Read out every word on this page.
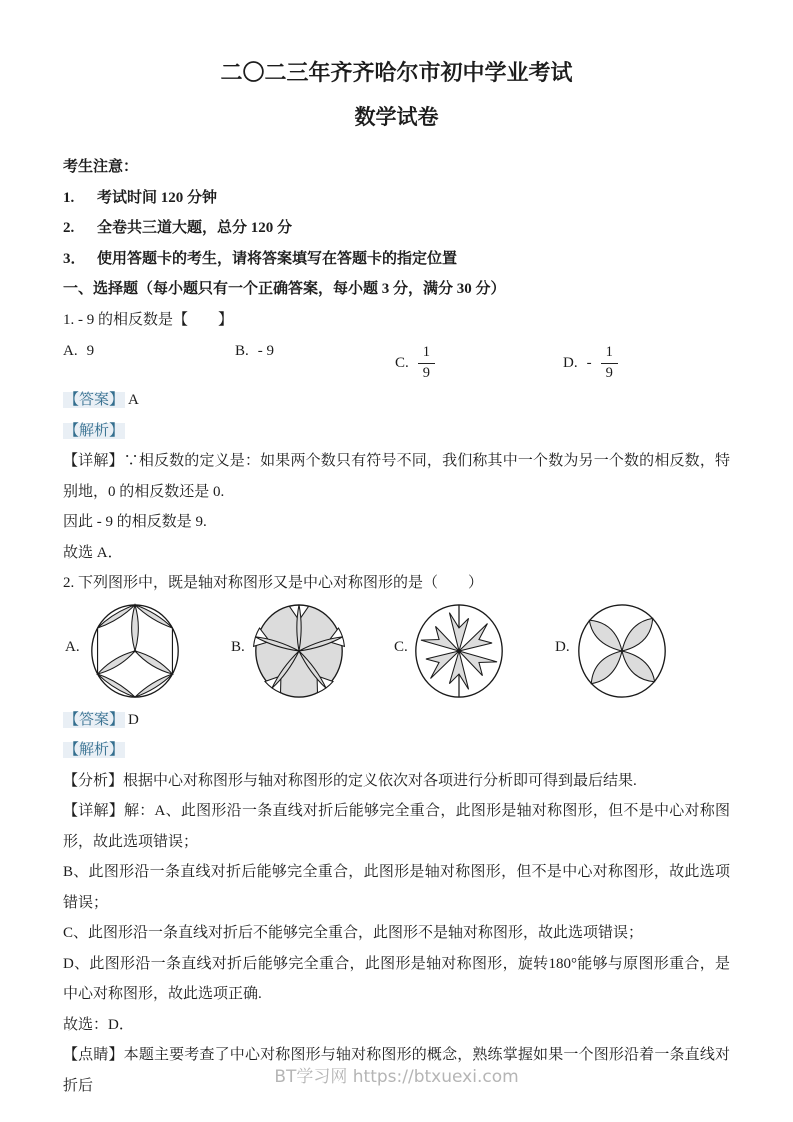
二〇二三年齐齐哈尔市初中学业考试
数学试卷

考生注意：

1. 考试时间 120 分钟

2. 全卷共三道大题，总分 120 分

3． 使用答题卡的考生，请将答案填写在答题卡的指定位置

一、选择题（每小题只有一个正确答案，每小题 3 分，满分 30 分）

1. - 9 的相反数是【　　】

A. 9	B. - 9
C. $\frac{1}{9}$	D. - $\frac{1}{9}$

【答案】 A

【解析】

【详解】∵相反数的定义是：如果两个数只有符号不同，我们称其中一个数为另一个数的相反数，特别地，0 的相反数还是 0.

因此 - 9 的相反数是 9.

故选 A．

2. 下列图形中，既是轴对称图形又是中心对称图形的是（　　）

A.	B.	C.	D.

【答案】 D

【解析】

【分析】根据中心对称图形与轴对称图形的定义依次对各项进行分析即可得到最后结果.

【详解】解：A、此图形沿一条直线对折后能够完全重合，此图形是轴对称图形，但不是中心对称图形，故此选项错误；

B、此图形沿一条直线对折后能够完全重合，此图形是轴对称图形，但不是中心对称图形，故此选项错误；

C、此图形沿一条直线对折后不能够完全重合，此图形不是轴对称图形，故此选项错误；

D、此图形沿一条直线对折后能够完全重合，此图形是轴对称图形，旋转180°能够与原图形重合，是中心对称图形，故此选项正确.

故选：D．

【点睛】本题主要考查了中心对称图形与轴对称图形的概念，熟练掌握如果一个图形沿着一条直线对折后	BT学习网 https://btxuexi.com
